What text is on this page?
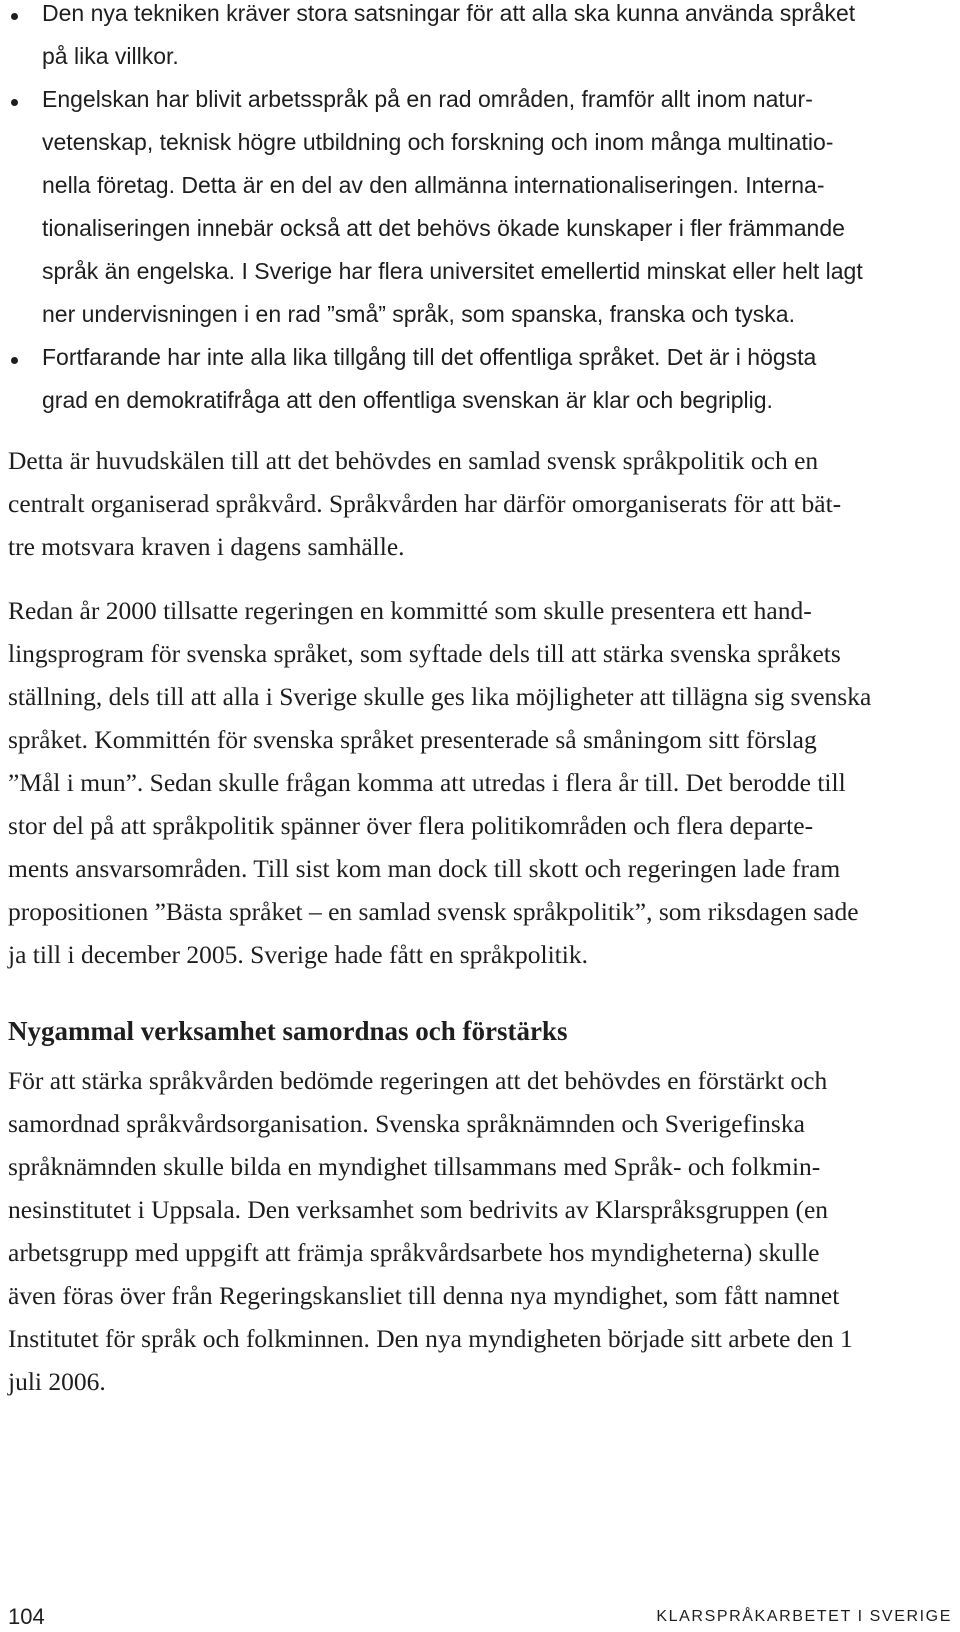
Den nya tekniken kräver stora satsningar för att alla ska kunna använda språket
på lika villkor.
Engelskan har blivit arbetsspråk på en rad områden, framför allt inom natur-
vetenskap, teknisk högre utbildning och forskning och inom många multinatio-
nella företag. Detta är en del av den allmänna internationaliseringen. Interna-
tionaliseringen innebär också att det behövs ökade kunskaper i fler främmande
språk än engelska. I Sverige har flera universitet emellertid minskat eller helt lagt
ner undervisningen i en rad ”små” språk, som spanska, franska och tyska.
Fortfarande har inte alla lika tillgång till det offentliga språket. Det är i högsta
grad en demokratifråga att den offentliga svenskan är klar och begriplig.
Detta är huvudskälen till att det behövdes en samlad svensk språkpolitik och en
centralt organiserad språkvård. Språkvården har därför omorganiserats för att bät-
tre motsvara kraven i dagens samhälle.
Redan år 2000 tillsatte regeringen en kommitté som skulle presentera ett hand-
lingsprogram för svenska språket, som syftade dels till att stärka svenska språkets
ställning, dels till att alla i Sverige skulle ges lika möjligheter att tillägna sig svenska
språket. Kommittén för svenska språket presenterade så småningom sitt förslag
”Mål i mun”. Sedan skulle frågan komma att utredas i flera år till. Det berodde till
stor del på att språkpolitik spänner över flera politikområden och flera departe-
ments ansvarsområden. Till sist kom man dock till skott och regeringen lade fram
propositionen ”Bästa språket – en samlad svensk språkpolitik”, som riksdagen sade
ja till i december 2005. Sverige hade fått en språkpolitik.
Nygammal verksamhet samordnas och förstärks
För att stärka språkvården bedömde regeringen att det behövdes en förstärkt och
samordnad språkvårdsorganisation. Svenska språknämnden och Sverigefinska
språknämnden skulle bilda en myndighet tillsammans med Språk- och folkmin-
nesinstitutet i Uppsala. Den verksamhet som bedrivits av Klarspråksgruppen (en
arbetsgrupp med uppgift att främja språkvårdsarbete hos myndigheterna) skulle
även föras över från Regeringskansliet till denna nya myndighet, som fått namnet
Institutet för språk och folkminnen. Den nya myndigheten började sitt arbete den 1
juli 2006.
104	KLARSPRÅKARBETET I SVERIGE
